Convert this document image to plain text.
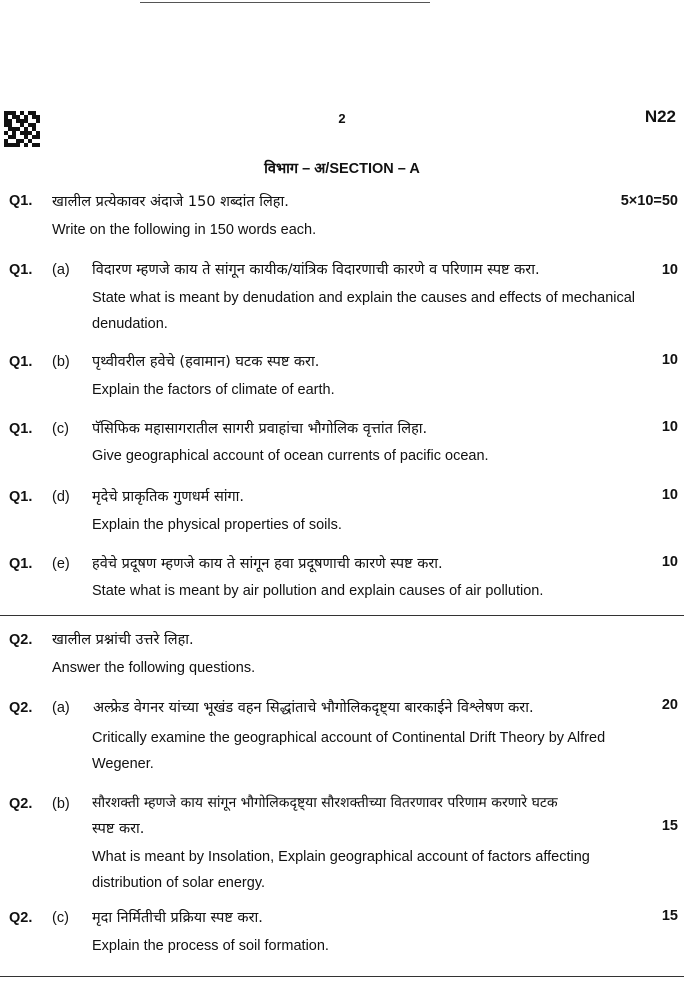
2	N22
विभाग – अ/SECTION – A
Q1. खालील प्रत्येकावर अंदाजे 150 शब्दांत लिहा.	5×10=50
Write on the following in 150 words each.
Q1. (a) विदारण म्हणजे काय ते सांगून कायीक/यांत्रिक विदारणाची कारणे व परिणाम स्पष्ट करा.	10
State what is meant by denudation and explain the causes and effects of mechanical denudation.
Q1. (b) पृथ्वीवरील हवेचे (हवामान) घटक स्पष्ट करा.	10
Explain the factors of climate of earth.
Q1. (c) पॅसिफिक महासागरातील सागरी प्रवाहांचा भौगोलिक वृत्तांत लिहा.	10
Give geographical account of ocean currents of pacific ocean.
Q1. (d) मृदेचे प्राकृतिक गुणधर्म सांगा.	10
Explain the physical properties of soils.
Q1. (e) हवेचे प्रदूषण म्हणजे काय ते सांगून हवा प्रदूषणाची कारणे स्पष्ट करा.	10
State what is meant by air pollution and explain causes of air pollution.
Q2. खालील प्रश्नांची उत्तरे लिहा.
Answer the following questions.
Q2. (a) अल्फ्रेड वेगनर यांच्या भूखंड वहन सिद्धांताचे भौगोलिकदृष्ट्या बारकाईने विश्लेषण करा.	20
Critically examine the geographical account of Continental Drift Theory by Alfred Wegener.
Q2. (b) सौरशक्ती म्हणजे काय सांगून भौगोलिकदृष्ट्या सौरशक्तीच्या वितरणावर परिणाम करणारे घटक
स्पष्ट करा.	15
What is meant by Insolation, Explain geographical account of factors affecting distribution of solar energy.
Q2. (c) मृदा निर्मितीची प्रक्रिया स्पष्ट करा.	15
Explain the process of soil formation.
